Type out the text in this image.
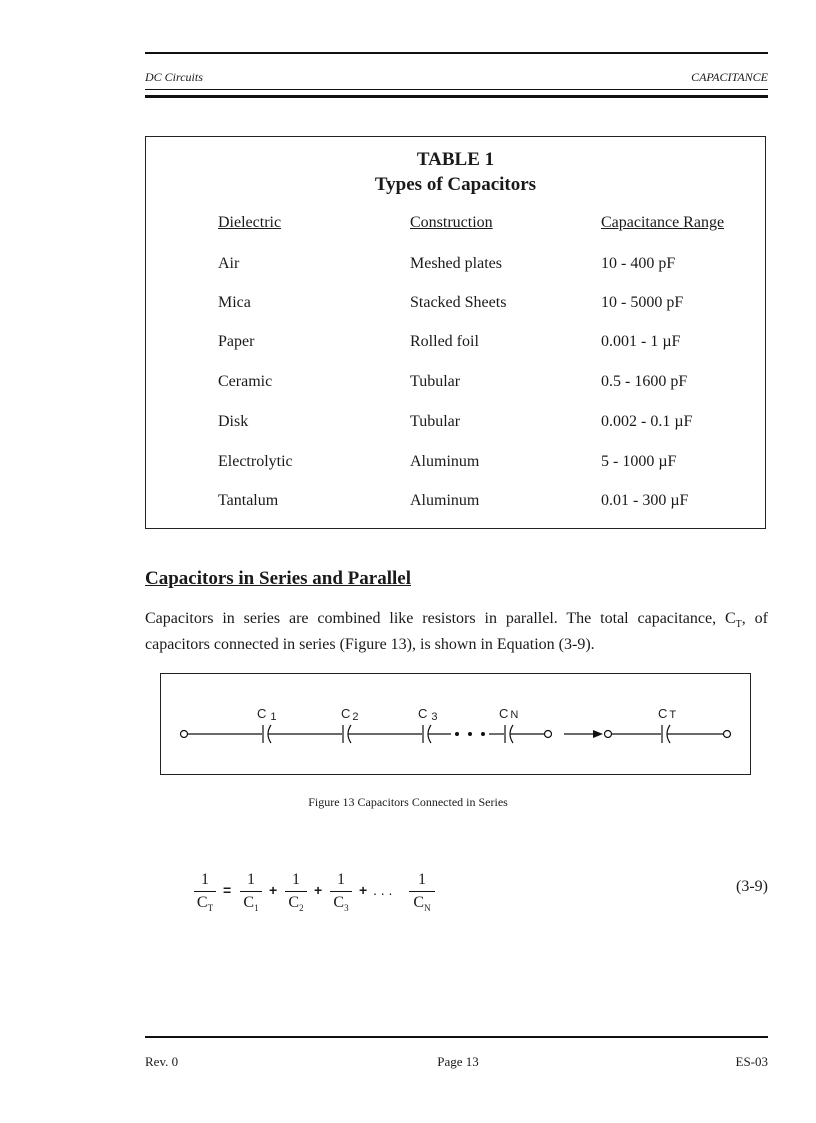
DC Circuits	CAPACITANCE
TABLE 1
Types of Capacitors
Dielectric	Construction	Capacitance Range
Air	Meshed plates	10 - 400 pF
Mica	Stacked Sheets	10 - 5000 pF
Paper	Rolled foil	0.001 - 1 µF
Ceramic	Tubular	0.5 - 1600 pF
Disk	Tubular	0.002 - 0.1 µF
Electrolytic	Aluminum	5 - 1000 µF
Tantalum	Aluminum	0.01 - 300 µF
Capacitors in Series and Parallel
Capacitors in series are combined like resistors in parallel. The total capacitance, $C_T$, of capacitors connected in series (Figure 13), is shown in Equation (3-9).
C 1	C 2	C 3	C N	C T
Figure 13 Capacitors Connected in Series
1
$C_T$
=
1
$C_1$
+
1
$C_2$
+
1
$C_3$
+ . . .
1
$C_N$
(3-9)
Rev. 0	Page 13	ES-03
